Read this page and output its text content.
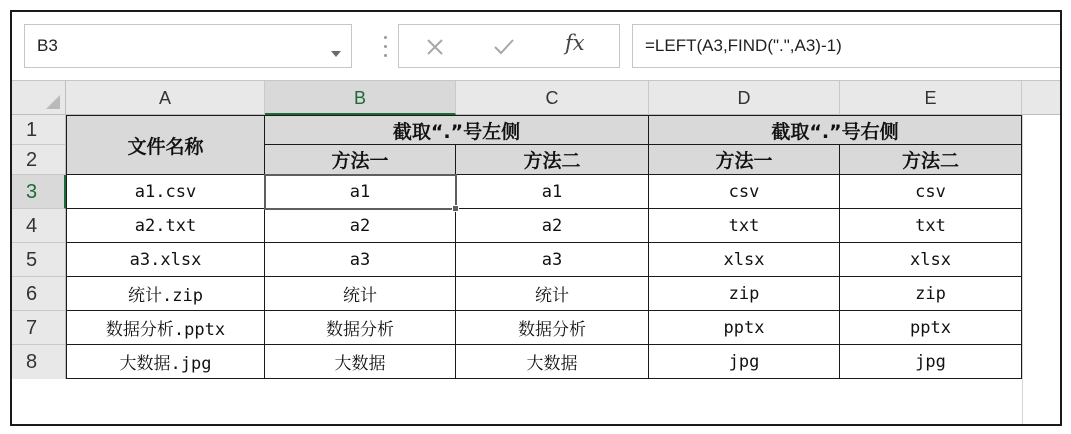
B3	fx	=LEFT(A3,FIND(".",A3)-1)
A	B	C	D	E
1
2
3
4
5
6
7
8
文件名称
截取“.”号左侧	截取“.”号右侧
方法一	方法二	方法一	方法二
a1.csv	a1	a1	csv	csv
a2.txt	a2	a2	txt	txt
a3.xlsx	a3	a3	xlsx	xlsx
统计.zip	统计	统计	zip	zip
数据分析.pptx	数据分析	数据分析	pptx	pptx
大数据.jpg	大数据	大数据	jpg	jpg
